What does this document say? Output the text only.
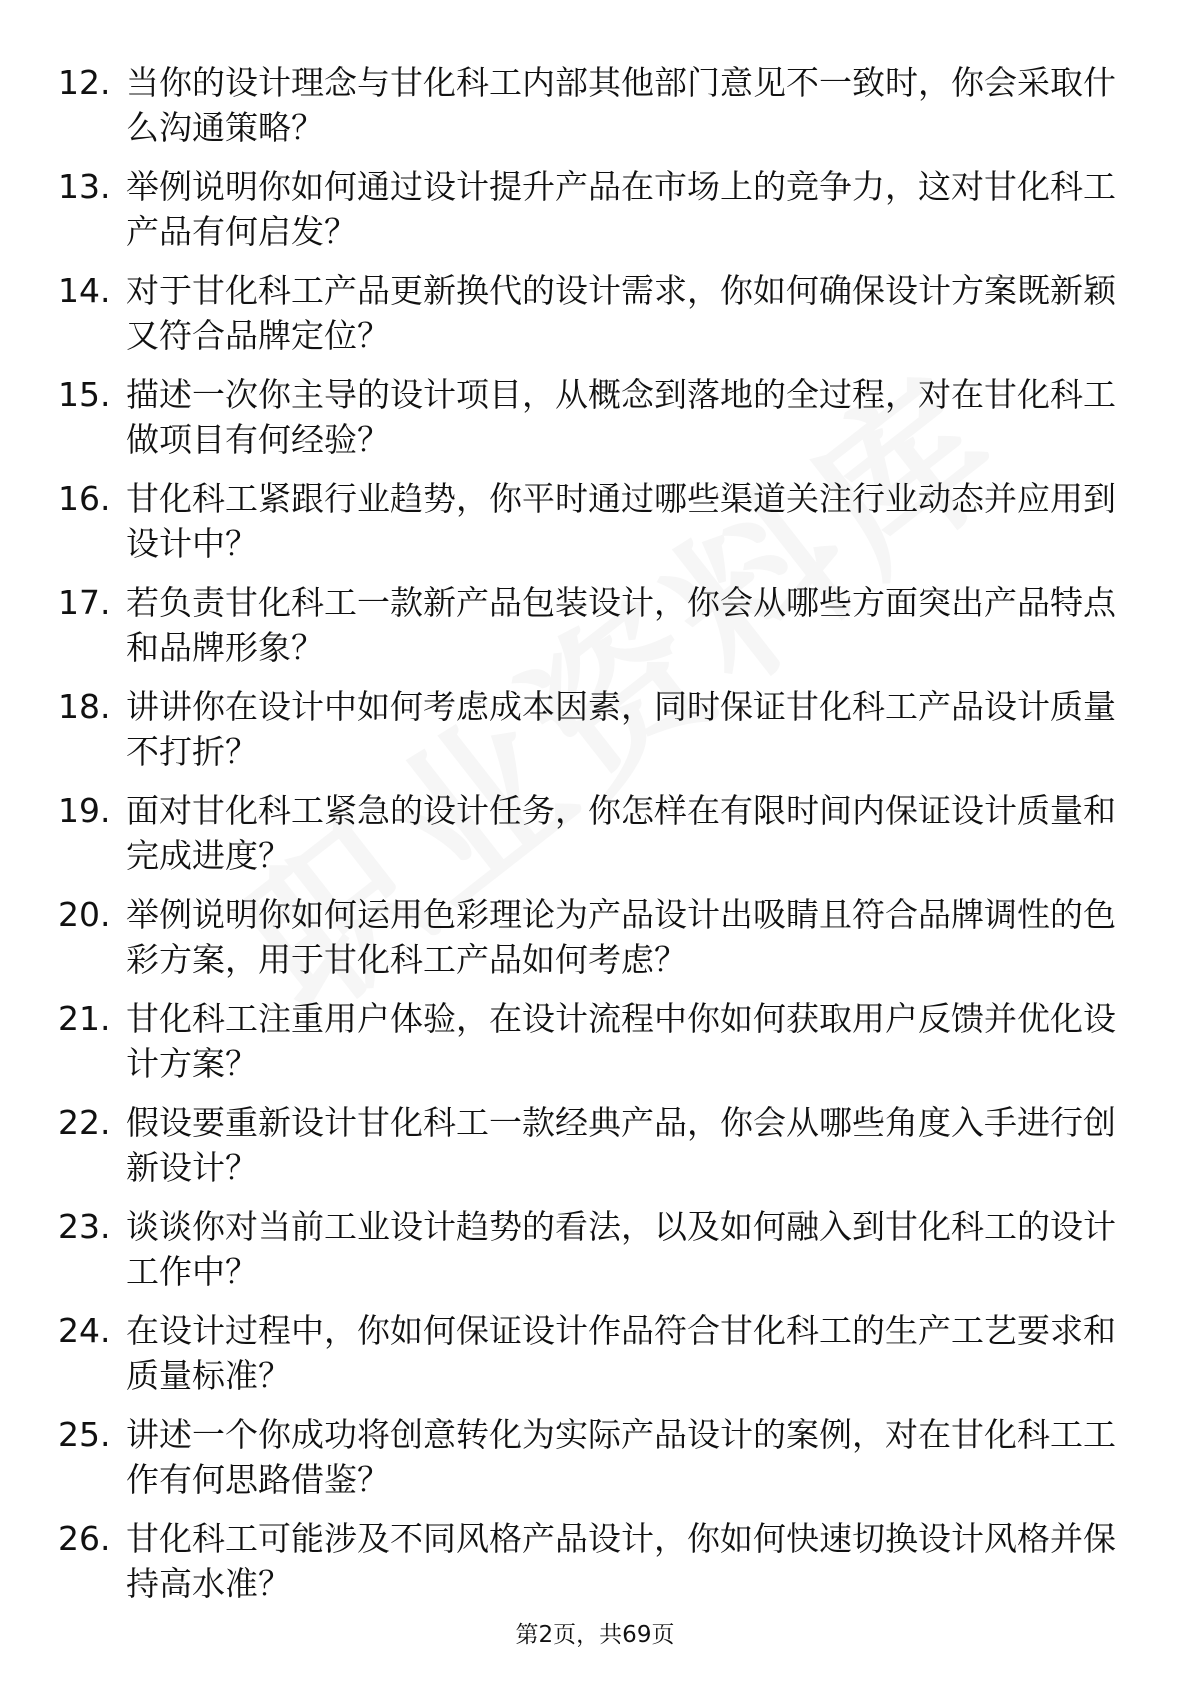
12. 当你的设计理念与甘化科工内部其他部门意见不一致时，你会采取什么沟通策略？
13. 举例说明你如何通过设计提升产品在市场上的竞争力，这对甘化科工产品有何启发？
14. 对于甘化科工产品更新换代的设计需求，你如何确保设计方案既新颖又符合品牌定位？
15. 描述一次你主导的设计项目，从概念到落地的全过程，对在甘化科工做项目有何经验？
16. 甘化科工紧跟行业趋势，你平时通过哪些渠道关注行业动态并应用到设计中？
17. 若负责甘化科工一款新产品包装设计，你会从哪些方面突出产品特点和品牌形象？
18. 讲讲你在设计中如何考虑成本因素，同时保证甘化科工产品设计质量不打折？
19. 面对甘化科工紧急的设计任务，你怎样在有限时间内保证设计质量和完成进度？
20. 举例说明你如何运用色彩理论为产品设计出吸睛且符合品牌调性的色彩方案，用于甘化科工产品如何考虑？
21. 甘化科工注重用户体验，在设计流程中你如何获取用户反馈并优化设计方案？
22. 假设要重新设计甘化科工一款经典产品，你会从哪些角度入手进行创新设计？
23. 谈谈你对当前工业设计趋势的看法，以及如何融入到甘化科工的设计工作中？
24. 在设计过程中，你如何保证设计作品符合甘化科工的生产工艺要求和质量标准？
25. 讲述一个你成功将创意转化为实际产品设计的案例，对在甘化科工工作有何思路借鉴？
26. 甘化科工可能涉及不同风格产品设计，你如何快速切换设计风格并保持高水准？
第2页，共69页
